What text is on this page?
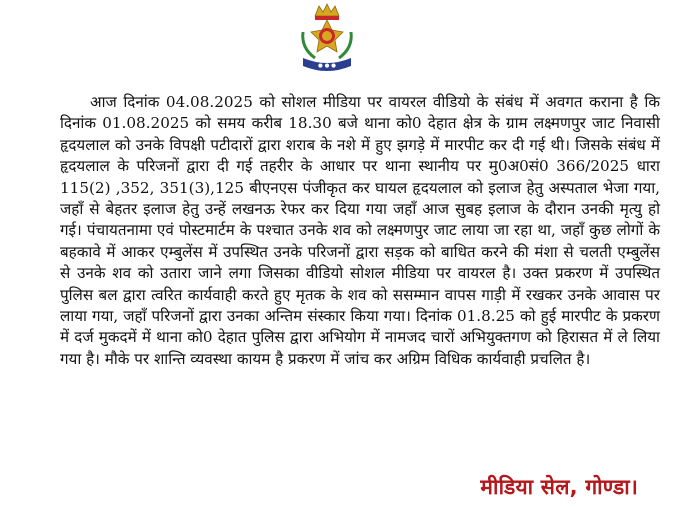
● ● ●

आज दिनांक 04.08.2025 को सोशल मीडिया पर वायरल वीडियो के संबंध में अवगत कराना है कि दिनांक 01.08.2025 को समय करीब 18.30 बजे थाना को0 देहात क्षेत्र के ग्राम लक्ष्मणपुर जाट निवासी हृदयलाल को उनके विपक्षी पटीदारों द्वारा शराब के नशे में हुए झगड़े में मारपीट कर दी गई थी। जिसके संबंध में हृदयलाल के परिजनों द्वारा दी गई तहरीर के आधार पर थाना स्थानीय पर मु0अ0सं0 366/2025 धारा 115(2) ,352, 351(3),125 बीएनएस पंजीकृत कर घायल हृदयलाल को इलाज हेतु अस्पताल भेजा गया, जहाँ से बेहतर इलाज हेतु उन्हें लखनऊ रेफर कर दिया गया जहाँ आज सुबह इलाज के दौरान उनकी मृत्यु हो गई। पंचायतनामा एवं पोस्टमार्टम के पश्चात उनके शव को लक्ष्मणपुर जाट लाया जा रहा था, जहाँ कुछ लोगों के बहकावे में आकर एम्बुलेंस में उपस्थित उनके परिजनों द्वारा सड़क को बाधित करने की मंशा से चलती एम्बुलेंस से उनके शव को उतारा जाने लगा जिसका वीडियो सोशल मीडिया पर वायरल है। उक्त प्रकरण में उपस्थित पुलिस बल द्वारा त्वरित कार्यवाही करते हुए मृतक के शव को ससम्मान वापस गाड़ी में रखकर उनके आवास पर लाया गया, जहाँ परिजनों द्वारा उनका अन्तिम संस्कार किया गया। दिनांक 01.8.25 को हुई मारपीट के प्रकरण में दर्ज मुकदमें में थाना को0 देहात पुलिस द्वारा अभियोग में नामजद चारों अभियुक्तगण को हिरासत में ले लिया गया है। मौके पर शान्ति व्यवस्था कायम है प्रकरण में जांच कर अग्रिम विधिक कार्यवाही प्रचलित है।

मीडिया सेल, गोण्डा।
